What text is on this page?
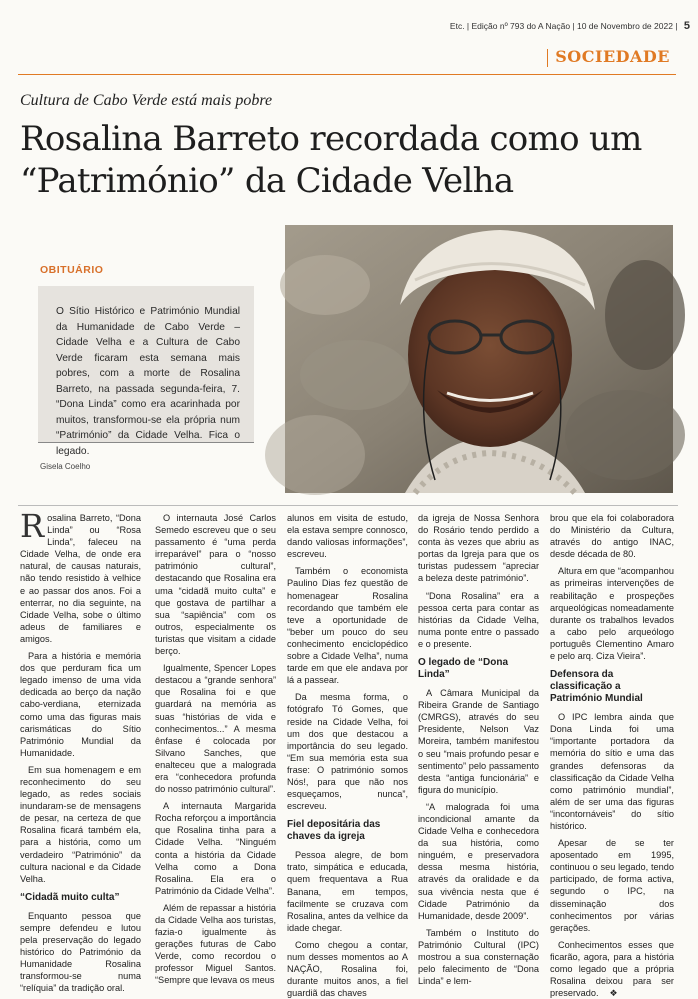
Etc. | Edição nº 793 do A Nação | 10 de Novembro de 2022 | 5
SOCIEDADE
Cultura de Cabo Verde está mais pobre
Rosalina Barreto recordada como um
“Património” da Cidade Velha
OBITUÁRIO
O Sítio Histórico e Património Mundial da Humanidade de Cabo Verde – Cidade Velha e a Cultura de Cabo Verde ficaram esta semana mais pobres, com a morte de Rosalina Barreto, na passada segunda-feira, 7. “Dona Linda” como era acarinhada por muitos, transformou-se ela própria num “Património” da Cidade Velha. Fica o legado.
Gisela Coelho

Rosalina Barreto, “Dona Linda” ou “Rosa Linda”, faleceu na Cidade Velha, de onde era natural, de causas naturais, não tendo resistido à velhice e ao passar dos anos. Foi a enterrar, no dia seguinte, na Cidade Velha, sobe o último adeus de familiares e amigos.

Para a história e memória dos que perduram fica um legado imenso de uma vida dedicada ao berço da nação cabo-verdiana, eternizada como uma das figuras mais carismáticas do Sítio Património Mundial da Humanidade.

Em sua homenagem e em reconhecimento do seu legado, as redes sociais inundaram-se de mensagens de pesar, na certeza de que Rosalina ficará também ela, para a história, como um verdadeiro “Património” da cultura nacional e da Cidade Velha.

“Cidadã muito culta”

Enquanto pessoa que sempre defendeu e lutou pela preservação do legado histórico do Património da Humanidade Rosalina transformou-se numa “relíquia” da tradição oral.

O internauta José Carlos Semedo escreveu que o seu passamento é “uma perda irreparável” para o “nosso património cultural”, destacando que Rosalina era uma “cidadã muito culta” e que gostava de partilhar a sua “sapiência” com os outros, especialmente os turistas que visitam a cidade berço.

Igualmente, Spencer Lopes destacou a “grande senhora” que Rosalina foi e que guardará na memória as suas “histórias de vida e conhecimentos...” A mesma ênfase é colocada por Silvano Sanches, que enalteceu que a malograda era “conhecedora profunda do nosso património cultural”.

A internauta Margarida Rocha reforçou a importância que Rosalina tinha para a Cidade Velha. “Ninguém conta a história da Cidade Velha como a Dona Rosalina. Ela era o Património da Cidade Velha”.

Além de repassar a história da Cidade Velha aos turistas, fazia-o igualmente às gerações futuras de Cabo Verde, como recordou o professor Miguel Santos. “Sempre que levava os meus

alunos em visita de estudo, ela estava sempre connosco, dando valiosas informações”, escreveu.

Também o economista Paulino Dias fez questão de homenagear Rosalina recordando que também ele teve a oportunidade de “beber um pouco do seu conhecimento enciclopédico sobre a Cidade Velha”, numa tarde em que ele andava por lá a passear.

Da mesma forma, o fotógrafo Tó Gomes, que reside na Cidade Velha, foi um dos que destacou a importância do seu legado. “Em sua memória esta sua frase: O património somos Nós!, para que não nos esqueçamos, nunca”, escreveu.

Fiel depositária das chaves da igreja

Pessoa alegre, de bom trato, simpática e educada, quem frequentava a Rua Banana, em tempos, facilmente se cruzava com Rosalina, antes da velhice da idade chegar.

Como chegou a contar, num desses momentos ao A NAÇÃO, Rosalina foi, durante muitos anos, a fiel guardiã das chaves

da igreja de Nossa Senhora do Rosário tendo perdido a conta às vezes que abriu as portas da Igreja para que os turistas pudessem “apreciar a beleza deste património”.

“Dona Rosalina” era a pessoa certa para contar as histórias da Cidade Velha, numa ponte entre o passado e o presente.

O legado de “Dona Linda”

A Câmara Municipal da Ribeira Grande de Santiago (CMRGS), através do seu Presidente, Nelson Vaz Moreira, também manifestou o seu “mais profundo pesar e sentimento” pelo passamento desta “antiga funcionária” e figura do município.

“A malograda foi uma incondicional amante da Cidade Velha e conhecedora da sua história, como ninguém, e preservadora dessa mesma história, através da oralidade e da sua vivência nesta que é Cidade Património da Humanidade, desde 2009”.

Também o Instituto do Património Cultural (IPC) mostrou a sua consternação pelo falecimento de “Dona Linda” e lem-

brou que ela foi colaboradora do Ministério da Cultura, através do antigo INAC, desde década de 80.

Altura em que “acompanhou as primeiras intervenções de reabilitação e prospeções arqueológicas nomeadamente durante os trabalhos levados a cabo pelo arqueólogo português Clementino Amaro e pelo arq. Ciza Vieira”.

Defensora da classificação a Património Mundial

O IPC lembra ainda que Dona Linda foi uma “importante portadora da memória do sítio e uma das grandes defensoras da classificação da Cidade Velha como património mundial”, além de ser uma das figuras “incontornáveis” do sítio histórico.

Apesar de se ter aposentado em 1995, continuou o seu legado, tendo participado, de forma activa, segundo o IPC, na disseminação dos conhecimentos por várias gerações.

Conhecimentos esses que ficarão, agora, para a história como legado que a própria Rosalina deixou para ser preservado. ❖
